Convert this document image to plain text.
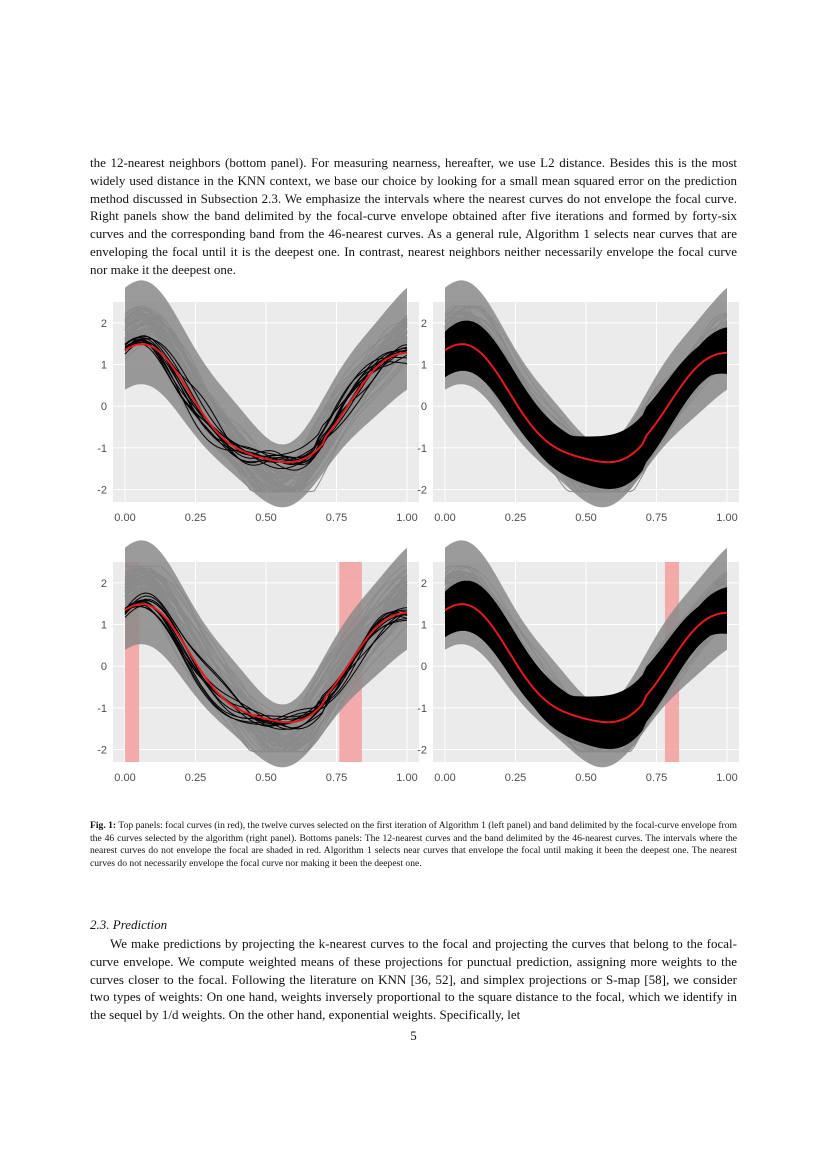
the 12-nearest neighbors (bottom panel). For measuring nearness, hereafter, we use L2 distance. Besides this is the most widely used distance in the KNN context, we base our choice by looking for a small mean squared error on the prediction method discussed in Subsection 2.3. We emphasize the intervals where the nearest curves do not envelope the focal curve. Right panels show the band delimited by the focal-curve envelope obtained after five iterations and formed by forty-six curves and the corresponding band from the 46-nearest curves. As a general rule, Algorithm 1 selects near curves that are enveloping the focal until it is the deepest one. In contrast, nearest neighbors neither necessarily envelope the focal curve nor make it the deepest one.
0.00	0.25	0.50	0.75	1.00
2
1
0
-1
-2
0.00	0.25	0.50	0.75	1.00
2
1
0
-1
-2
0.00	0.25	0.50	0.75	1.00
2
1
0
-1
-2
0.00	0.25	0.50	0.75	1.00
2
1
0
-1
-2
Fig. 1: Top panels: focal curves (in red), the twelve curves selected on the first iteration of Algorithm 1 (left panel) and band delimited by the focal-curve envelope from the 46 curves selected by the algorithm (right panel). Bottoms panels: The 12-nearest curves and the band delimited by the 46-nearest curves. The intervals where the nearest curves do not envelope the focal are shaded in red. Algorithm 1 selects near curves that envelope the focal until making it been the deepest one. The nearest curves do not necessarily envelope the focal curve nor making it been the deepest one.
2.3. Prediction
We make predictions by projecting the k-nearest curves to the focal and projecting the curves that belong to the focal-curve envelope. We compute weighted means of these projections for punctual prediction, assigning more weights to the curves closer to the focal. Following the literature on KNN [36, 52], and simplex projections or S-map [58], we consider two types of weights: On one hand, weights inversely proportional to the square distance to the focal, which we identify in the sequel by 1/d weights. On the other hand, exponential weights. Specifically, let
5
